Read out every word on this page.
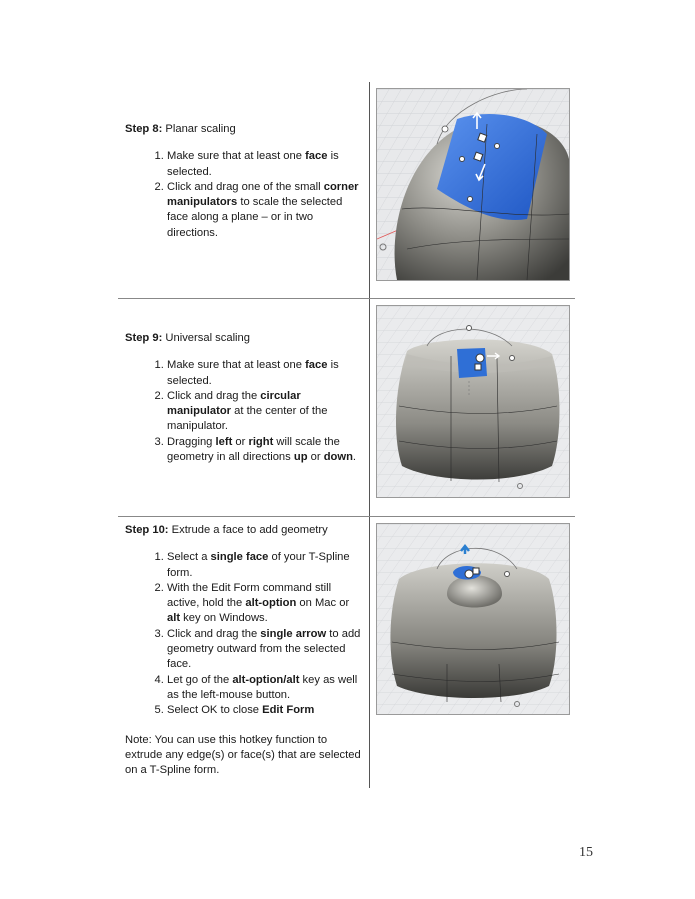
Step 8: Planar scaling
1. Make sure that at least one face is selected.
2. Click and drag one of the small corner manipulators to scale the selected face along a plane – or in two directions.
Step 9: Universal scaling
1. Make sure that at least one face is selected.
2. Click and drag the circular manipulator at the center of the manipulator.
3. Dragging left or right will scale the geometry in all directions up or down.
Step 10: Extrude a face to add geometry
1. Select a single face of your T-Spline form.
2. With the Edit Form command still active, hold the alt-option on Mac or alt key on Windows.
3. Click and drag the single arrow to add geometry outward from the selected face.
4. Let go of the alt-option/alt key as well as the left-mouse button.
5. Select OK to close Edit Form
Note: You can use this hotkey function to extrude any edge(s) or face(s) that are selected on a T-Spline form.
15
